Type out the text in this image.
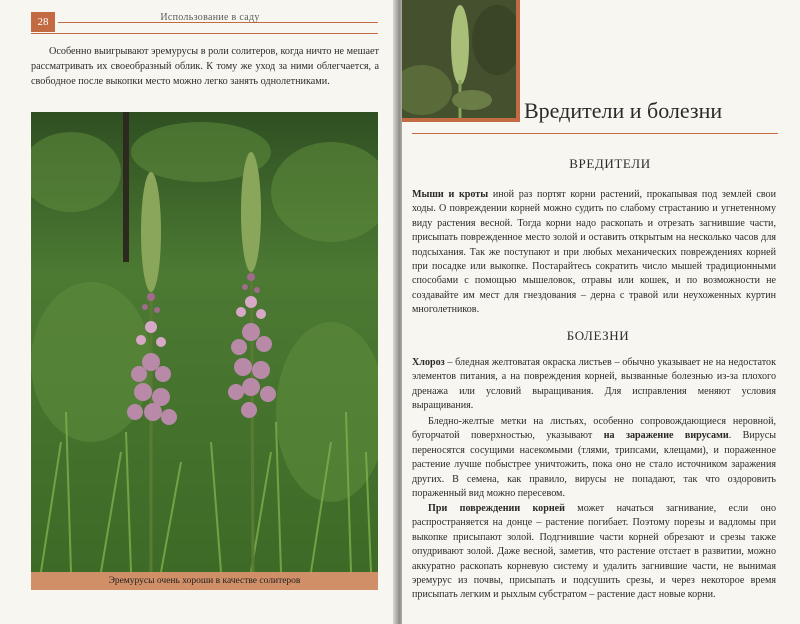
28	Использование в саду

Особенно выигрывают эремурусы в роли солитеров, когда ничто не мешает рассматривать их своеобразный облик. К тому же уход за ними облегчается, а свободное после выкопки место можно легко занять однолетниками.

Эремурусы очень хороши в качестве солитеров
Вредители и болезни
ВРЕДИТЕЛИ

Мыши и кроты иной раз портят корни растений, прокапывая под землей свои ходы. О повреждении корней можно судить по слабому страстанию и угнетенному виду растения весной. Тогда корни надо раскопать и отрезать загнившие части, присыпать поврежденное место золой и оставить открытым на несколько часов для подсыхания. Так же поступают и при любых механических повреждениях корней при посадке или выкопке. Постарайтесь сократить число мышей традиционными способами с помощью мышеловок, отравы или кошек, и по возможности не создавайте им мест для гнездования – дерна с травой или неухоженных куртин многолетников.

БОЛЕЗНИ

Хлороз – бледная желтоватая окраска листьев – обычно указывает не на недостаток элементов питания, а на повреждения корней, вызванные болезнью из-за плохого дренажа или условий выращивания. Для исправления меняют условия выращивания.

Бледно-желтые метки на листьях, особенно сопровождающиеся неровной, бугорчатой поверхностью, указывают на заражение вирусами. Вирусы переносятся сосущими насекомыми (тлями, трипсами, клещами), и пораженное растение лучше побыстрее уничтожить, пока оно не стало источником заражения других. В семена, как правило, вирусы не попадают, так что оздоровить пораженный вид можно пересевом.

При повреждении корней может начаться загнивание, если оно распространяется на донце – растение погибает. Поэтому порезы и вадломы при выкопке присыпают золой. Подгнившие части корней обрезают и срезы также опудривают золой. Даже весной, заметив, что растение отстает в развитии, можно аккуратно раскопать корневую систему и удалить загнившие части, не вынимая эремурус из почвы, присыпать и подсушить срезы, и через некоторое время присыпать легким и рыхлым субстратом – растение даст новые корни.
